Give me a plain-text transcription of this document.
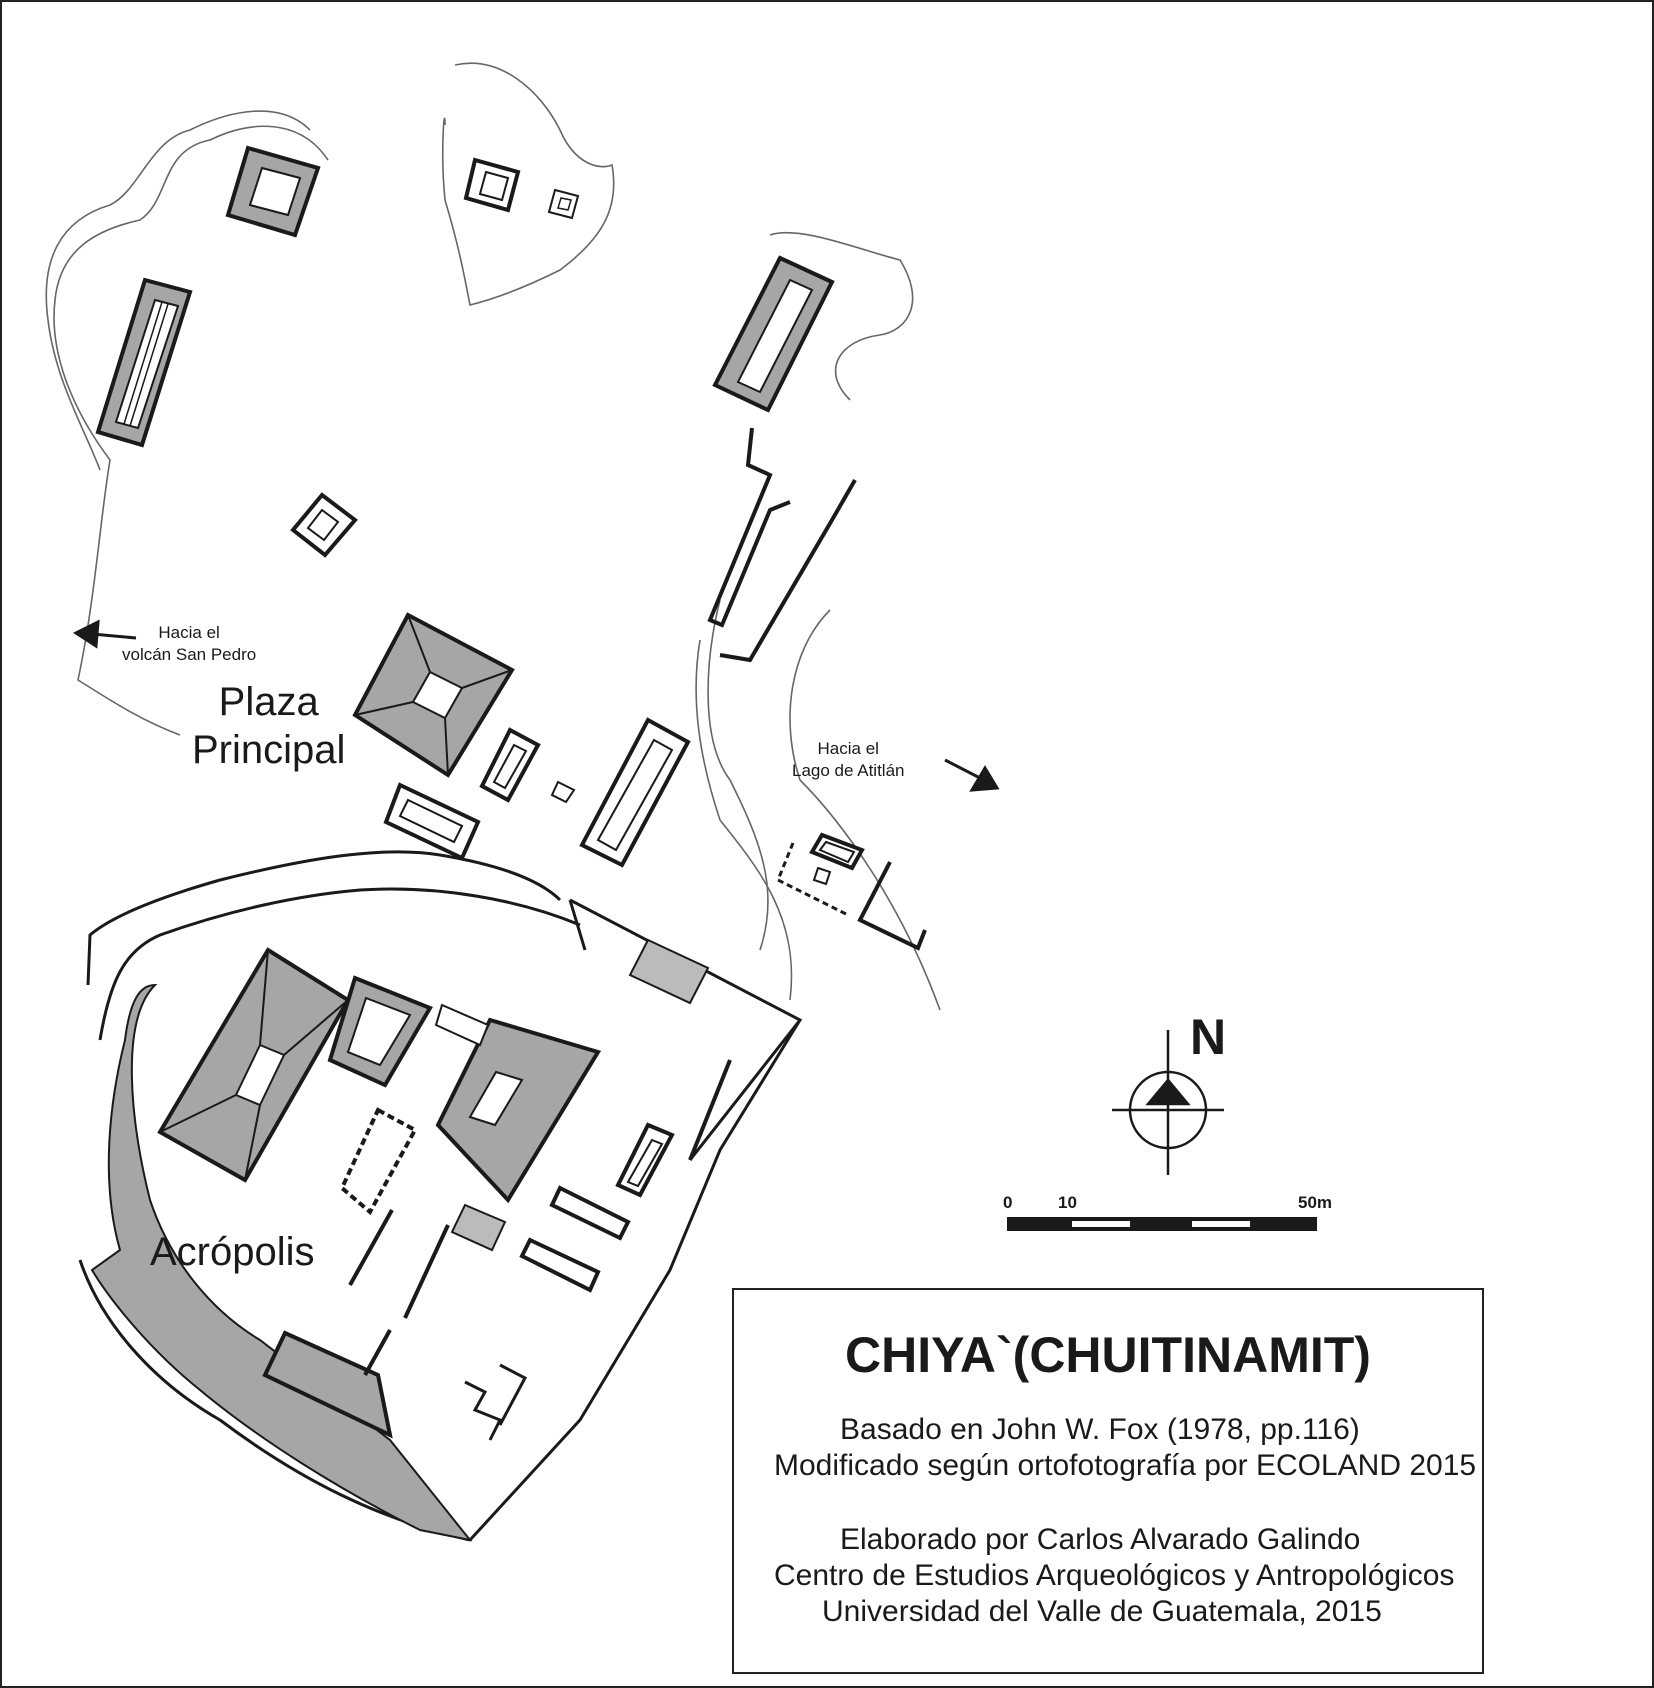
Hacia el
volcán San Pedro
Hacia el
Lago de Atitlán
Plaza
Principal
Acrópolis
N
0	10	50m
CHIYA`(CHUITINAMIT)
Basado en John W. Fox (1978, pp.116)
Modificado según ortofotografía por ECOLAND 2015
Elaborado por Carlos Alvarado Galindo
Centro de Estudios Arqueológicos y Antropológicos
Universidad del Valle de Guatemala, 2015
